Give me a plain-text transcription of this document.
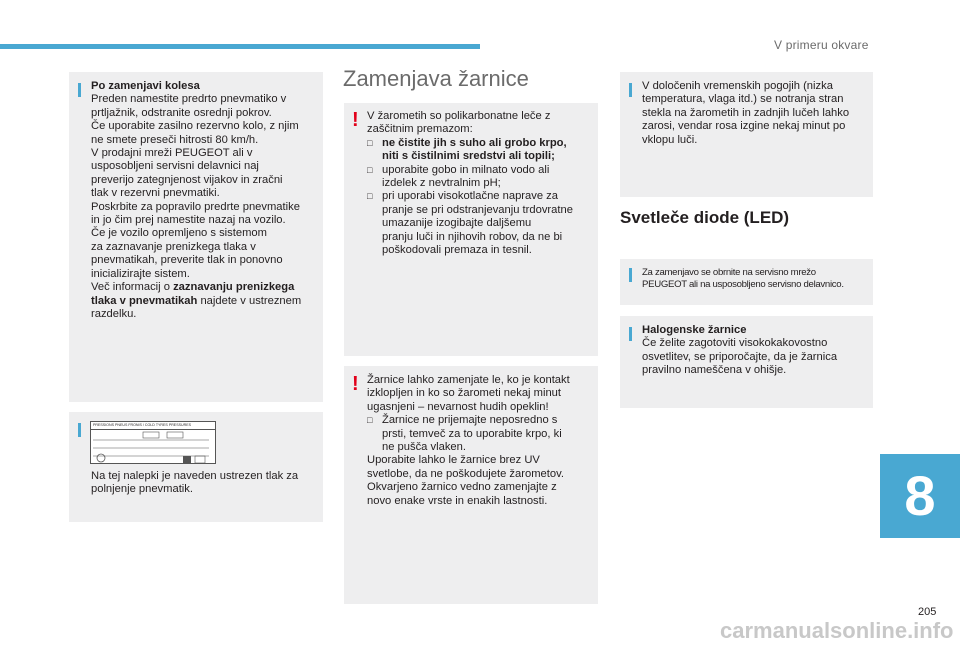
V primeru okvare

Po zamenjavi kolesa

Preden namestite predrto pnevmatiko v

prtljažnik, odstranite osrednji pokrov.

Če uporabite zasilno rezervno kolo, z njim

ne smete preseči hitrosti 80 km/h.

V prodajni mreži PEUGEOT ali v

usposobljeni servisni delavnici naj

preverijo zategnjenost vijakov in zračni

tlak v rezervni pnevmatiki.

Poskrbite za popravilo predrte pnevmatike

in jo čim prej namestite nazaj na vozilo.

Če je vozilo opremljeno s sistemom

za zaznavanje prenizkega tlaka v

pnevmatikah, preverite tlak in ponovno

inicializirajte sistem.

Več informacij o zaznavanju prenizkega

tlaka v pnevmatikah najdete v ustreznem

razdelku.

PRESSIONS PNEUS FRONIS / COLD TYRES PRESSURES

Na tej nalepki je naveden ustrezen tlak za

polnjenje pnevmatik.

Zamenjava žarnice
! V žarometih so polikarbonatne leče z

zaščitnim premazom:

□ ne čistite jih s suho ali grobo krpo,
niti s čistilnimi sredstvi ali topili;
□ uporabite gobo in milnato vodo ali
izdelek z nevtralnim pH;
□ pri uporabi visokotlačne naprave za
pranje se pri odstranjevanju trdovratne
umazanije izogibajte daljšemu
pranju luči in njihovih robov, da ne bi
poškodovali premaza in tesnil.
! Žarnice lahko zamenjate le, ko je kontakt

izklopljen in ko so žarometi nekaj minut

ugasnjeni – nevarnost hudih opeklin!

□ Žarnice ne prijemajte neposredno s
prsti, temveč za to uporabite krpo, ki
ne pušča vlaken.

Uporabite lahko le žarnice brez UV

svetlobe, da ne poškodujete žarometov.

Okvarjeno žarnico vedno zamenjajte z

novo enake vrste in enakih lastnosti.

V določenih vremenskih pogojih (nizka

temperatura, vlaga itd.) se notranja stran

stekla na žarometih in zadnjih lučeh lahko

zarosi, vendar rosa izgine nekaj minut po

vklopu luči.

Svetleče diode (LED)

Za zamenjavo se obrnite na servisno mrežo

PEUGEOT ali na usposobljeno servisno delavnico.

Halogenske žarnice

Če želite zagotoviti visokokakovostno

osvetlitev, se priporočajte, da je žarnica

pravilno nameščena v ohišje.

8
205
carmanualsonline.info
